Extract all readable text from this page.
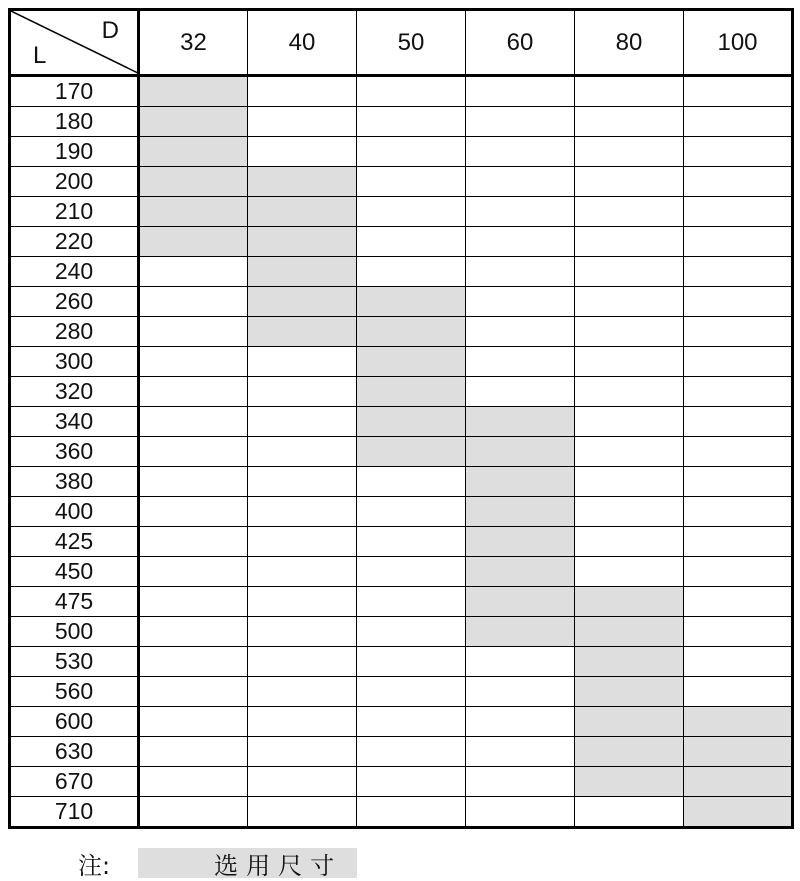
D
L	32	40	50	60	80	100
170						
180						
190						
200						
210						
220						
240						
260						
280						
300						
320						
340						
360						
380						
400						
425						
450						
475						
500						
530						
560						
600						
630						
670						
710						
注:	选用尺寸
